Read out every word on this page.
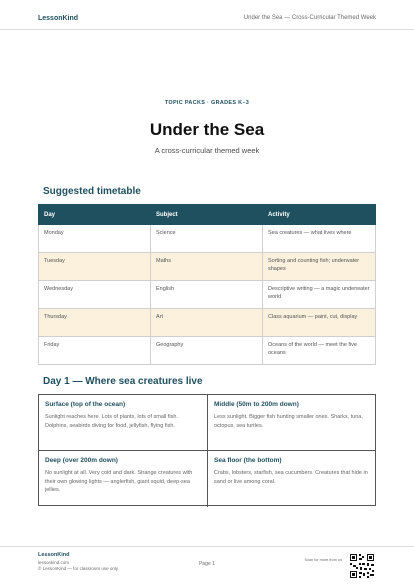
LessonKind	Under the Sea — Cross-Curricular Themed Week
TOPIC PACKS · GRADES K–3
Under the Sea
A cross-curricular themed week
Suggested timetable
Day	Subject	Activity
Monday	Science	Sea creatures — what lives where
Tuesday	Maths	Sorting and counting fish; underwater shapes
Wednesday	English	Descriptive writing — a magic underwater world
Thursday	Art	Class aquarium — paint, cut, display
Friday	Geography	Oceans of the world — meet the five oceans
Day 1 — Where sea creatures live
Surface (top of the ocean)
Sunlight reaches here. Lots of plants, lots of small fish. Dolphins, seabirds diving for food, jellyfish, flying fish.
Middle (50m to 200m down)
Less sunlight. Bigger fish hunting smaller ones. Sharks, tuna, octopus, sea turtles.
Deep (over 200m down)
No sunlight at all. Very cold and dark. Strange creatures with their own glowing lights — anglerfish, giant squid, deep-sea jellies.
Sea floor (the bottom)
Crabs, lobsters, starfish, sea cucumbers. Creatures that hide in sand or live among coral.
LessonKind
lessonkind.com
© LessonKind — for classroom use only
Page 1
Scan for more from us
